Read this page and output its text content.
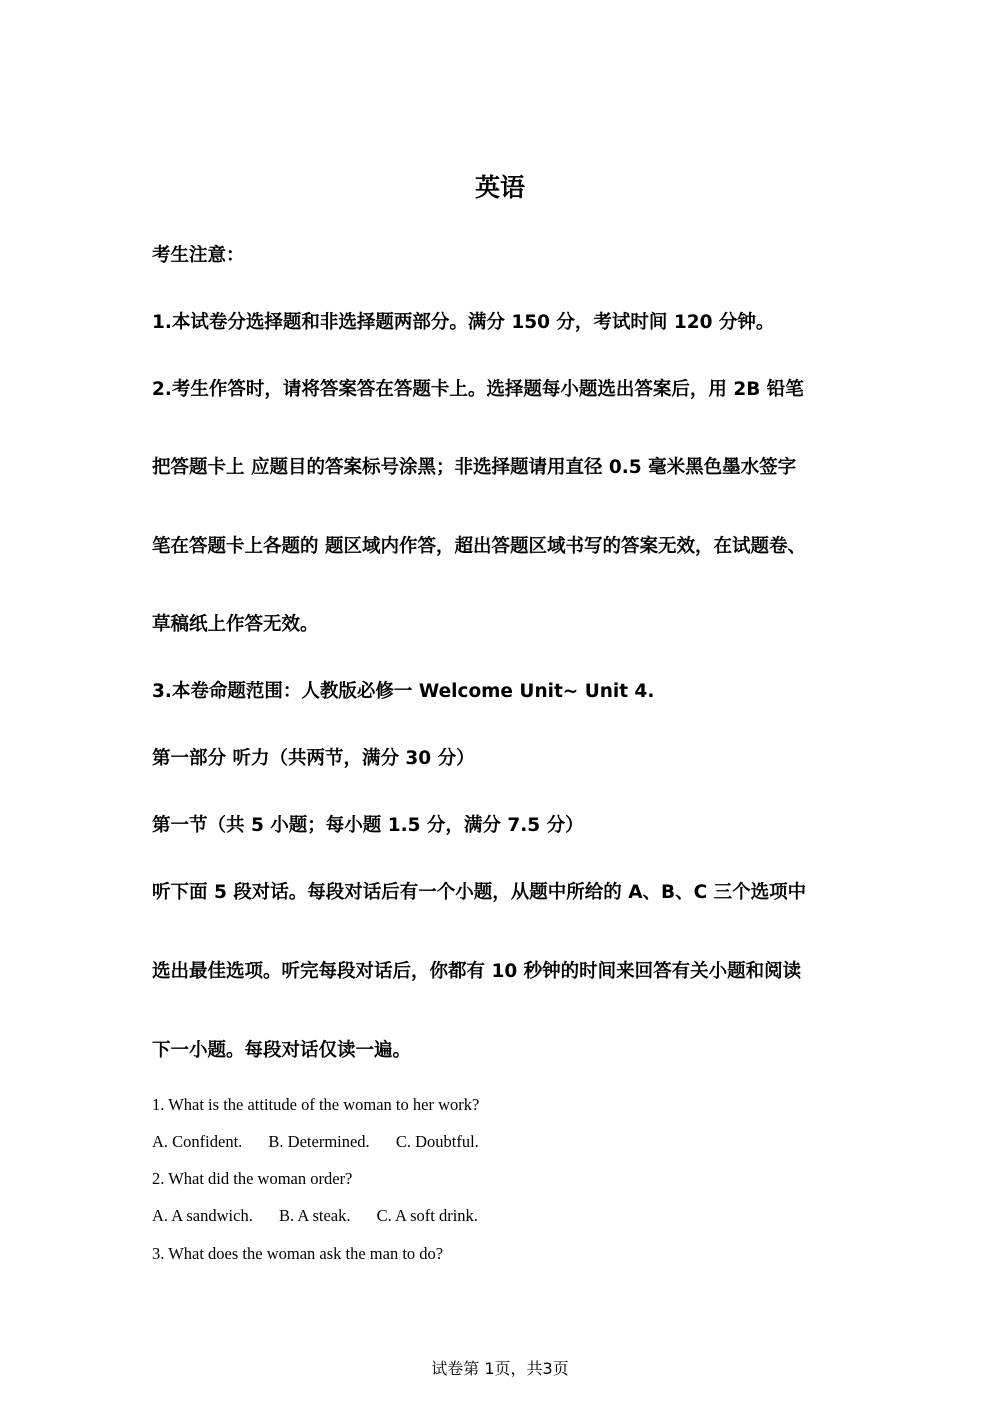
英语
考生注意：
1.本试卷分选择题和非选择题两部分。满分 150 分，考试时间 120 分钟。
2.考生作答时，请将答案答在答题卡上。选择题每小题选出答案后，用 2B 铅笔
把答题卡上 应题目的答案标号涂黑；非选择题请用直径 0.5 毫米黑色墨水签字
笔在答题卡上各题的 题区域内作答，超出答题区域书写的答案无效，在试题卷、
草稿纸上作答无效。
3.本卷命题范围：人教版必修一 Welcome Unit~ Unit 4.
第一部分 听力（共两节，满分 30 分）
第一节（共 5 小题；每小题 1.5 分，满分 7.5 分）
听下面 5 段对话。每段对话后有一个小题，从题中所给的 A、B、C 三个选项中
选出最佳选项。听完每段对话后，你都有 10 秒钟的时间来回答有关小题和阅读
下一小题。每段对话仅读一遍。
1. What is the attitude of the woman to her work?
A. Confident. B. Determined. C. Doubtful.
2. What did the woman order?
A. A sandwich. B. A steak. C. A soft drink.
3. What does the woman ask the man to do?
试卷第 1页，共3页
